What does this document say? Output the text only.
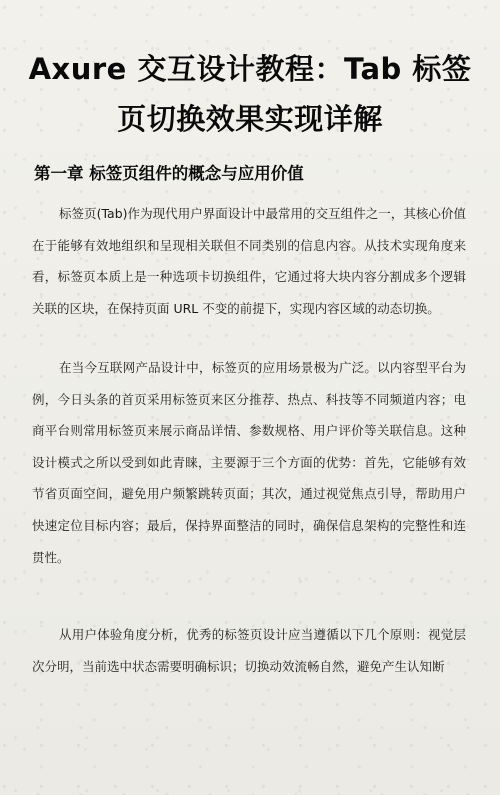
Axure 交互设计教程：Tab 标签页切换效果实现详解
第一章 标签页组件的概念与应用价值

标签页(Tab)作为现代用户界面设计中最常用的交互组件之一，其核心价值在于能够有效地组织和呈现相关联但不同类别的信息内容。从技术实现角度来看，标签页本质上是一种选项卡切换组件，它通过将大块内容分割成多个逻辑关联的区块，在保持页面 URL 不变的前提下，实现内容区域的动态切换。

在当今互联网产品设计中，标签页的应用场景极为广泛。以内容型平台为例，今日头条的首页采用标签页来区分推荐、热点、科技等不同频道内容；电商平台则常用标签页来展示商品详情、参数规格、用户评价等关联信息。这种设计模式之所以受到如此青睐，主要源于三个方面的优势：首先，它能够有效节省页面空间，避免用户频繁跳转页面；其次，通过视觉焦点引导，帮助用户快速定位目标内容；最后，保持界面整洁的同时，确保信息架构的完整性和连贯性。

从用户体验角度分析，优秀的标签页设计应当遵循以下几个原则：视觉层次分明，当前选中状态需要明确标识；切换动效流畅自然，避免产生认知断
